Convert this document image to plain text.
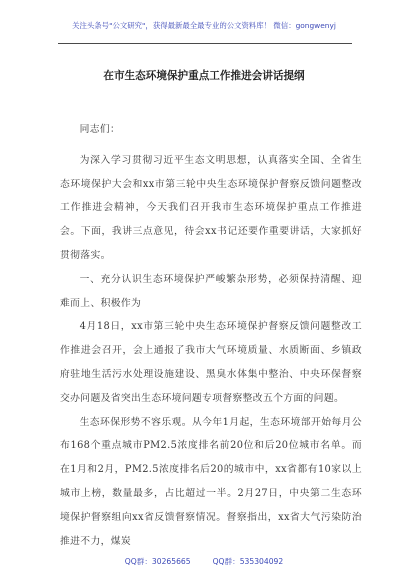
关注头条号"公文研究"，获得最新最全最专业的公文资料库！ 微信：gongwenyj
在市生态环境保护重点工作推进会讲话提纲

同志们：

为深入学习贯彻习近平生态文明思想，认真落实全国、全省生态环境保护大会和xx市第三轮中央生态环境保护督察反馈问题整改工作推进会精神，今天我们召开我市生态环境保护重点工作推进会。下面，我讲三点意见，待会xx书记还要作重要讲话，大家抓好贯彻落实。

一、充分认识生态环境保护严峻繁杂形势，必须保持清醒、迎难而上、积极作为

4月18日，xx市第三轮中央生态环境保护督察反馈问题整改工作推进会召开，会上通报了我市大气环境质量、水质断面、乡镇政府驻地生活污水处理设施建设、黑臭水体集中整治、中央环保督察交办问题及省突出生态环境问题专项督察整改五个方面的问题。

生态环保形势不容乐观。从今年1月起，生态环境部开始每月公布168个重点城市PM2.5浓度排名前20位和后20位城市名单。而在1月和2月，PM2.5浓度排名后20的城市中，xx省都有10家以上城市上榜，数量最多，占比超过一半。2月27日，中央第二生态环境保护督察组向xx省反馈督察情况。督察指出，xx省大气污染防治推进不力，煤炭

QQ群：30265665	QQ群：535304092
